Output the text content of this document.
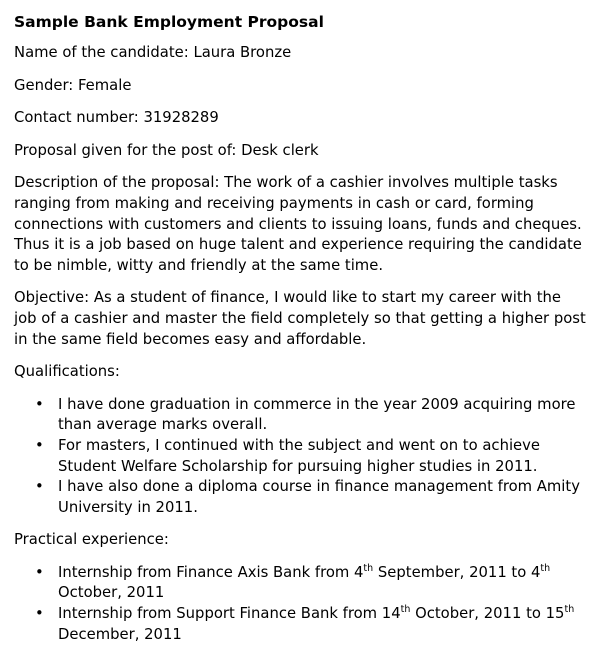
Sample Bank Employment Proposal
Name of the candidate: Laura Bronze
Gender: Female
Contact number: 31928289
Proposal given for the post of: Desk clerk
Description of the proposal: The work of a cashier involves multiple tasks
ranging from making and receiving payments in cash or card, forming
connections with customers and clients to issuing loans, funds and cheques.
Thus it is a job based on huge talent and experience requiring the candidate
to be nimble, witty and friendly at the same time.
Objective: As a student of finance, I would like to start my career with the
job of a cashier and master the field completely so that getting a higher post
in the same field becomes easy and affordable.
Qualifications:
• I have done graduation in commerce in the year 2009 acquiring more
than average marks overall.
• For masters, I continued with the subject and went on to achieve
Student Welfare Scholarship for pursuing higher studies in 2011.
• I have also done a diploma course in finance management from Amity
University in 2011.
Practical experience:
• Internship from Finance Axis Bank from 4th September, 2011 to 4th
October, 2011
• Internship from Support Finance Bank from 14th October, 2011 to 15th
December, 2011
